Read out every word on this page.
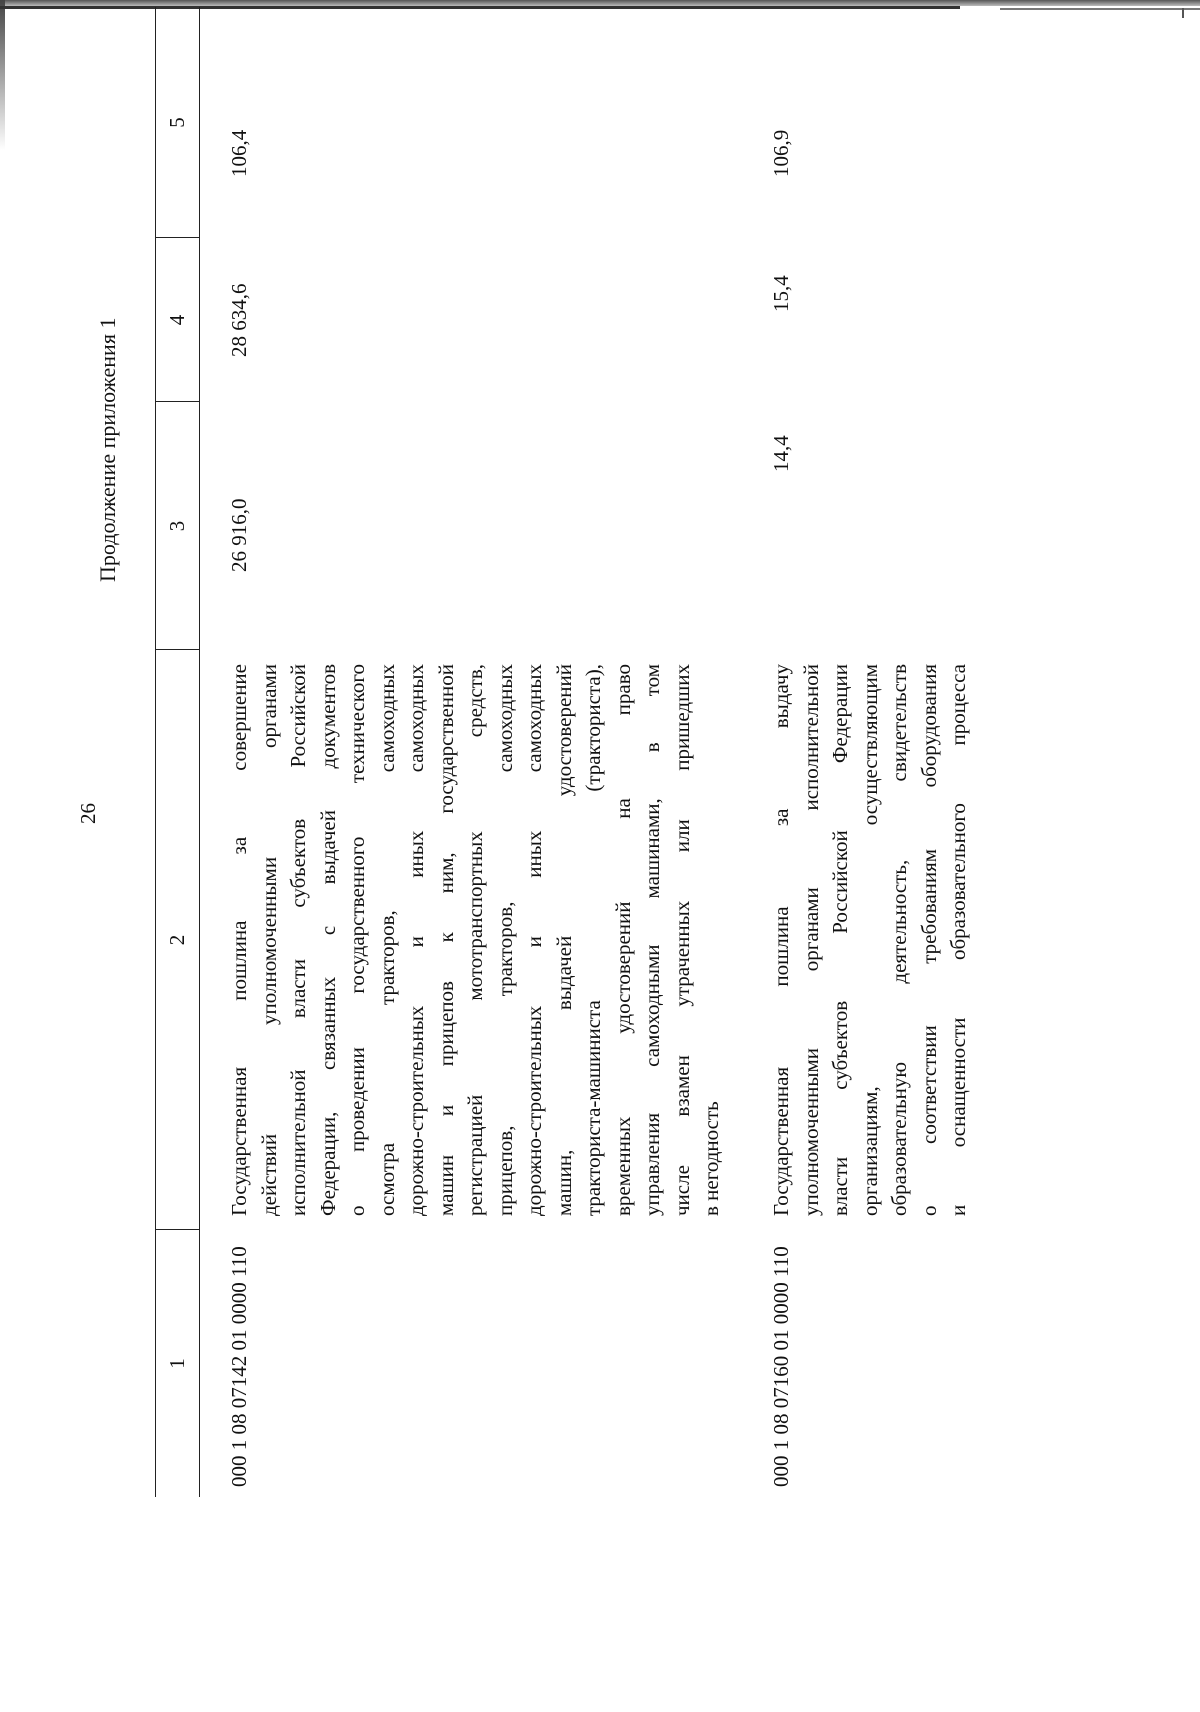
26
Продолжение приложения 1
1
2
3
4
5
000 1 08 07142 01 0000 110
Государственная пошлина за совершение действий уполномоченными органами исполнительной власти субъектов Российской Федерации, связанных с выдачей документов о проведении государственного технического осмотра тракторов, самоходных дорожно-строительных и иных самоходных машин и прицепов к ним, государственной регистрацией мототранспортных средств, прицепов, тракторов, самоходных дорожно-строительных и иных самоходных машин, выдачей удостоверений тракториста-машиниста (тракториста), временных удостоверений на право управления самоходными машинами, в том числе взамен утраченных или пришедших в негодность
26 916,0
28 634,6
106,4
000 1 08 07160 01 0000 110
Государственная пошлина за выдачу уполномоченными органами исполнительной власти субъектов Российской Федерации организациям, осуществляющим образовательную деятельность, свидетельств о соответствии требованиям оборудования и оснащенности образовательного процесса
14,4
15,4
106,9
